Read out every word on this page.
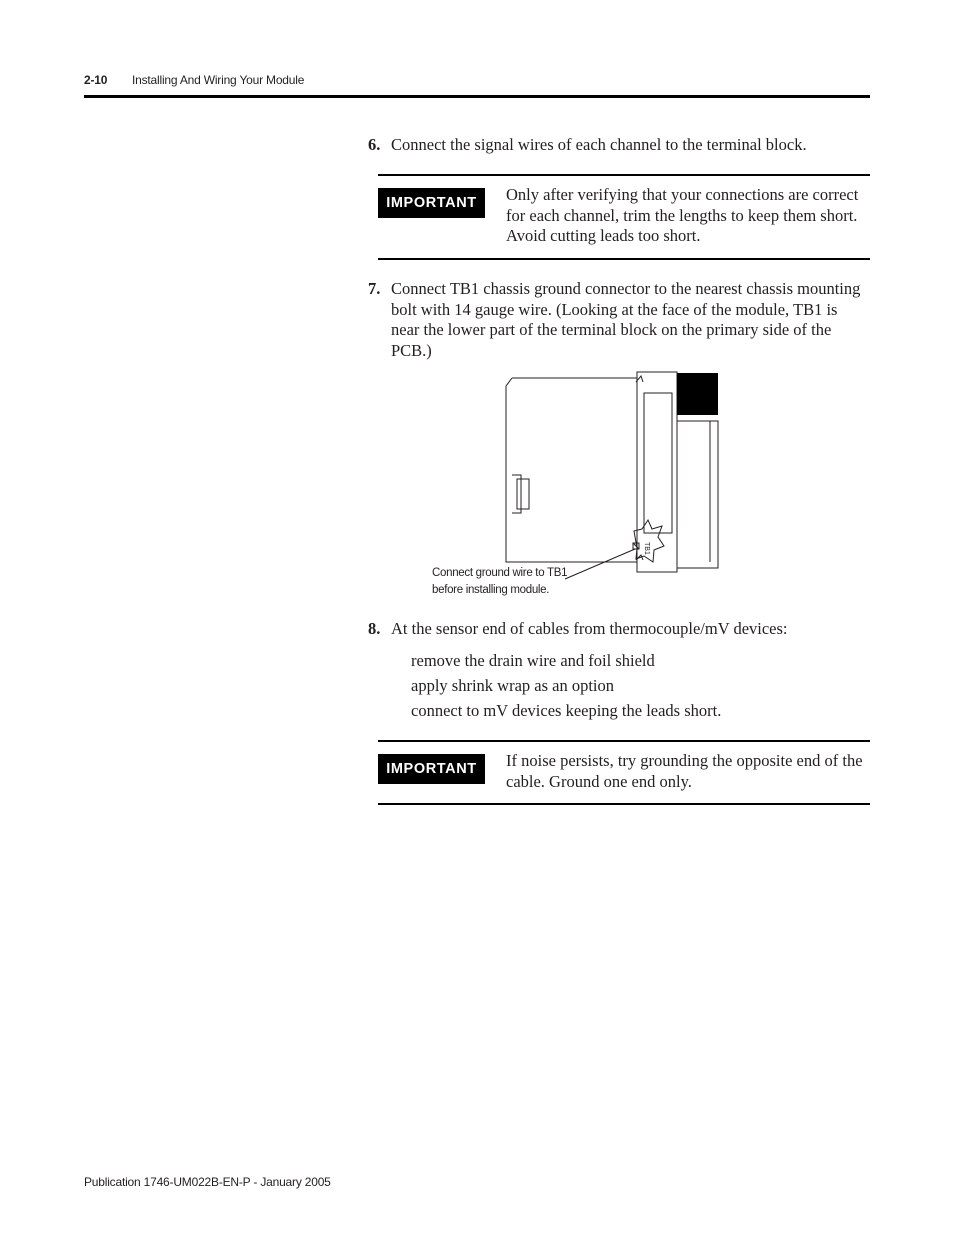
2-10 Installing And Wiring Your Module
6. Connect the signal wires of each channel to the terminal block.
IMPORTANT	Only after verifying that your connections are correct for each channel, trim the lengths to keep them short. Avoid cutting leads too short.
7. Connect TB1 chassis ground connector to the nearest chassis mounting bolt with 14 gauge wire. (Looking at the face of the module, TB1 is near the lower part of the terminal block on the primary side of the PCB.)
TB1
Connect ground wire to TB1
before installing module.
8. At the sensor end of cables from thermocouple/mV devices:
remove the drain wire and foil shield
apply shrink wrap as an option
connect to mV devices keeping the leads short.
IMPORTANT	If noise persists, try grounding the opposite end of the cable. Ground one end only.
Publication 1746-UM022B-EN-P - January 2005
